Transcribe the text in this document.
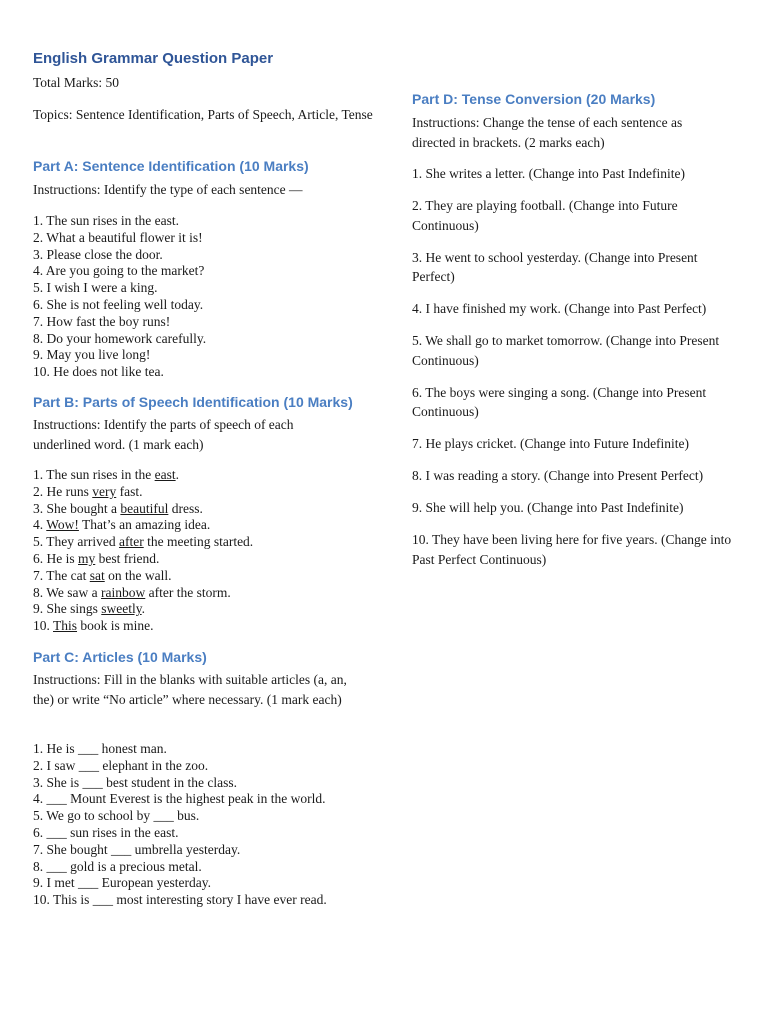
English Grammar Question Paper
Total Marks: 50
Topics: Sentence Identification, Parts of Speech, Article, Tense
Part A: Sentence Identification (10 Marks)
Instructions: Identify the type of each sentence —
1. The sun rises in the east.
2. What a beautiful flower it is!
3. Please close the door.
4. Are you going to the market?
5. I wish I were a king.
6. She is not feeling well today.
7. How fast the boy runs!
8. Do your homework carefully.
9. May you live long!
10. He does not like tea.
Part B: Parts of Speech Identification (10 Marks)
Instructions: Identify the parts of speech of each underlined word. (1 mark each)
1. The sun rises in the east.
2. He runs very fast.
3. She bought a beautiful dress.
4. Wow! That’s an amazing idea.
5. They arrived after the meeting started.
6. He is my best friend.
7. The cat sat on the wall.
8. We saw a rainbow after the storm.
9. She sings sweetly.
10. This book is mine.
Part C: Articles (10 Marks)
Instructions: Fill in the blanks with suitable articles (a, an, the) or write “No article” where necessary. (1 mark each)
1. He is ___ honest man.
2. I saw ___ elephant in the zoo.
3. She is ___ best student in the class.
4. ___ Mount Everest is the highest peak in the world.
5. We go to school by ___ bus.
6. ___ sun rises in the east.
7. She bought ___ umbrella yesterday.
8. ___ gold is a precious metal.
9. I met ___ European yesterday.
10. This is ___ most interesting story I have ever read.
Part D: Tense Conversion (20 Marks)
Instructions: Change the tense of each sentence as directed in brackets. (2 marks each)
1. She writes a letter. (Change into Past Indefinite)
2. They are playing football. (Change into Future Continuous)
3. He went to school yesterday. (Change into Present Perfect)
4. I have finished my work. (Change into Past Perfect)
5. We shall go to market tomorrow. (Change into Present Continuous)
6. The boys were singing a song. (Change into Present Continuous)
7. He plays cricket. (Change into Future Indefinite)
8. I was reading a story. (Change into Present Perfect)
9. She will help you. (Change into Past Indefinite)
10. They have been living here for five years. (Change into Past Perfect Continuous)
